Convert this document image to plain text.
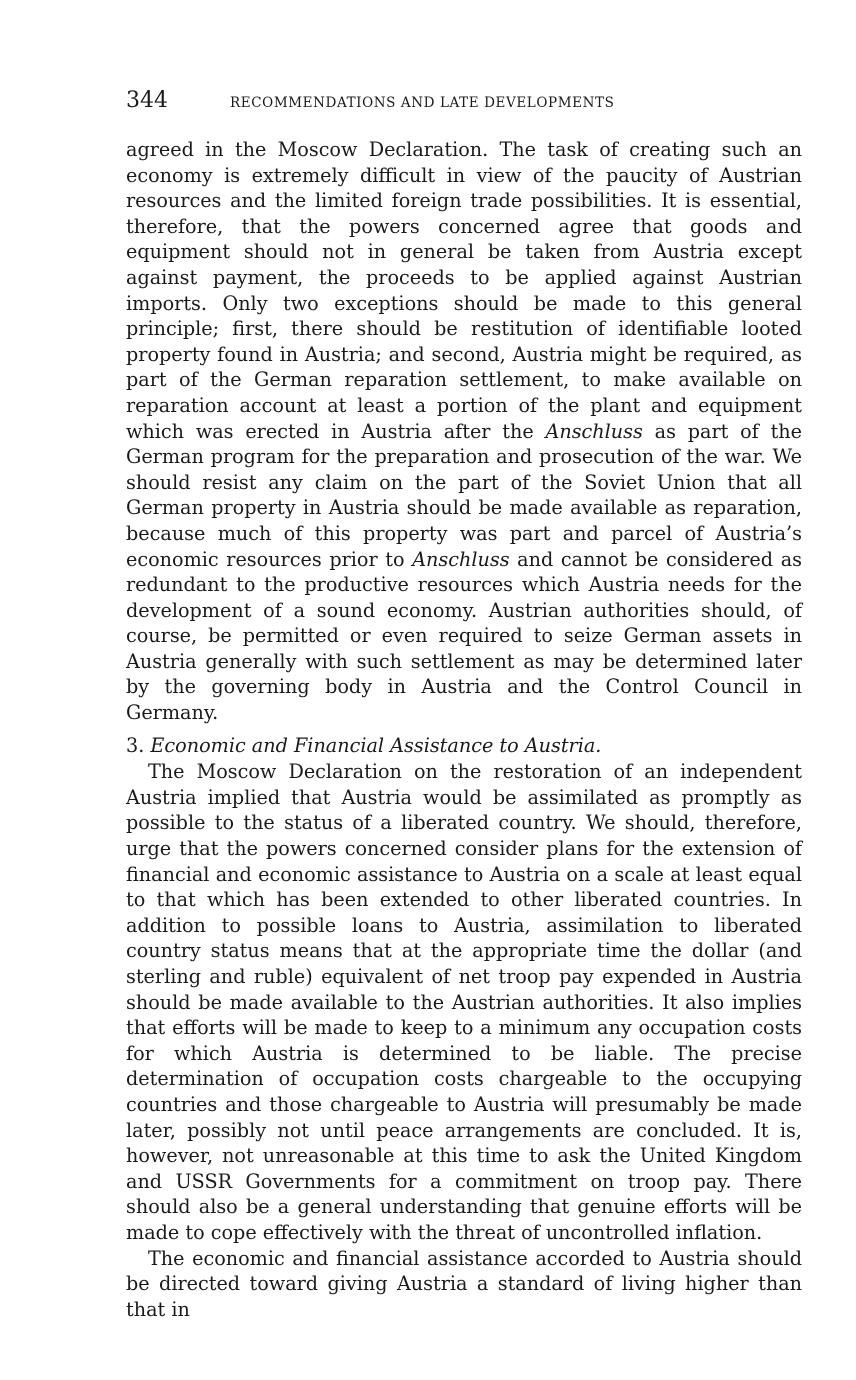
344	RECOMMENDATIONS AND LATE DEVELOPMENTS

agreed in the Moscow Declaration. The task of creating such an economy is extremely difficult in view of the paucity of Austrian resources and the limited foreign trade possibilities. It is essential, therefore, that the powers concerned agree that goods and equipment should not in general be taken from Austria except against payment, the proceeds to be applied against Austrian imports. Only two exceptions should be made to this general principle; first, there should be restitution of identifiable looted property found in Austria; and second, Austria might be required, as part of the German reparation settlement, to make available on reparation account at least a portion of the plant and equipment which was erected in Austria after the Anschluss as part of the German program for the preparation and prosecution of the war. We should resist any claim on the part of the Soviet Union that all German property in Austria should be made available as reparation, because much of this property was part and parcel of Austria’s economic resources prior to Anschluss and cannot be considered as redundant to the productive resources which Austria needs for the development of a sound economy. Austrian authorities should, of course, be permitted or even required to seize German assets in Austria generally with such settlement as may be determined later by the governing body in Austria and the Control Council in Germany.

3. Economic and Financial Assistance to Austria.

The Moscow Declaration on the restoration of an independent Austria implied that Austria would be assimilated as promptly as possible to the status of a liberated country. We should, therefore, urge that the powers concerned consider plans for the extension of financial and economic assistance to Austria on a scale at least equal to that which has been extended to other liberated countries. In addition to possible loans to Austria, assimilation to liberated country status means that at the appropriate time the dollar (and sterling and ruble) equivalent of net troop pay expended in Austria should be made available to the Austrian authorities. It also implies that efforts will be made to keep to a minimum any occupation costs for which Austria is determined to be liable. The precise determination of occupation costs chargeable to the occupying countries and those chargeable to Austria will presumably be made later, possibly not until peace arrangements are concluded. It is, however, not unreasonable at this time to ask the United Kingdom and USSR Governments for a commitment on troop pay. There should also be a general understanding that genuine efforts will be made to cope effectively with the threat of uncontrolled inflation.

The economic and financial assistance accorded to Austria should be directed toward giving Austria a standard of living higher than that in
